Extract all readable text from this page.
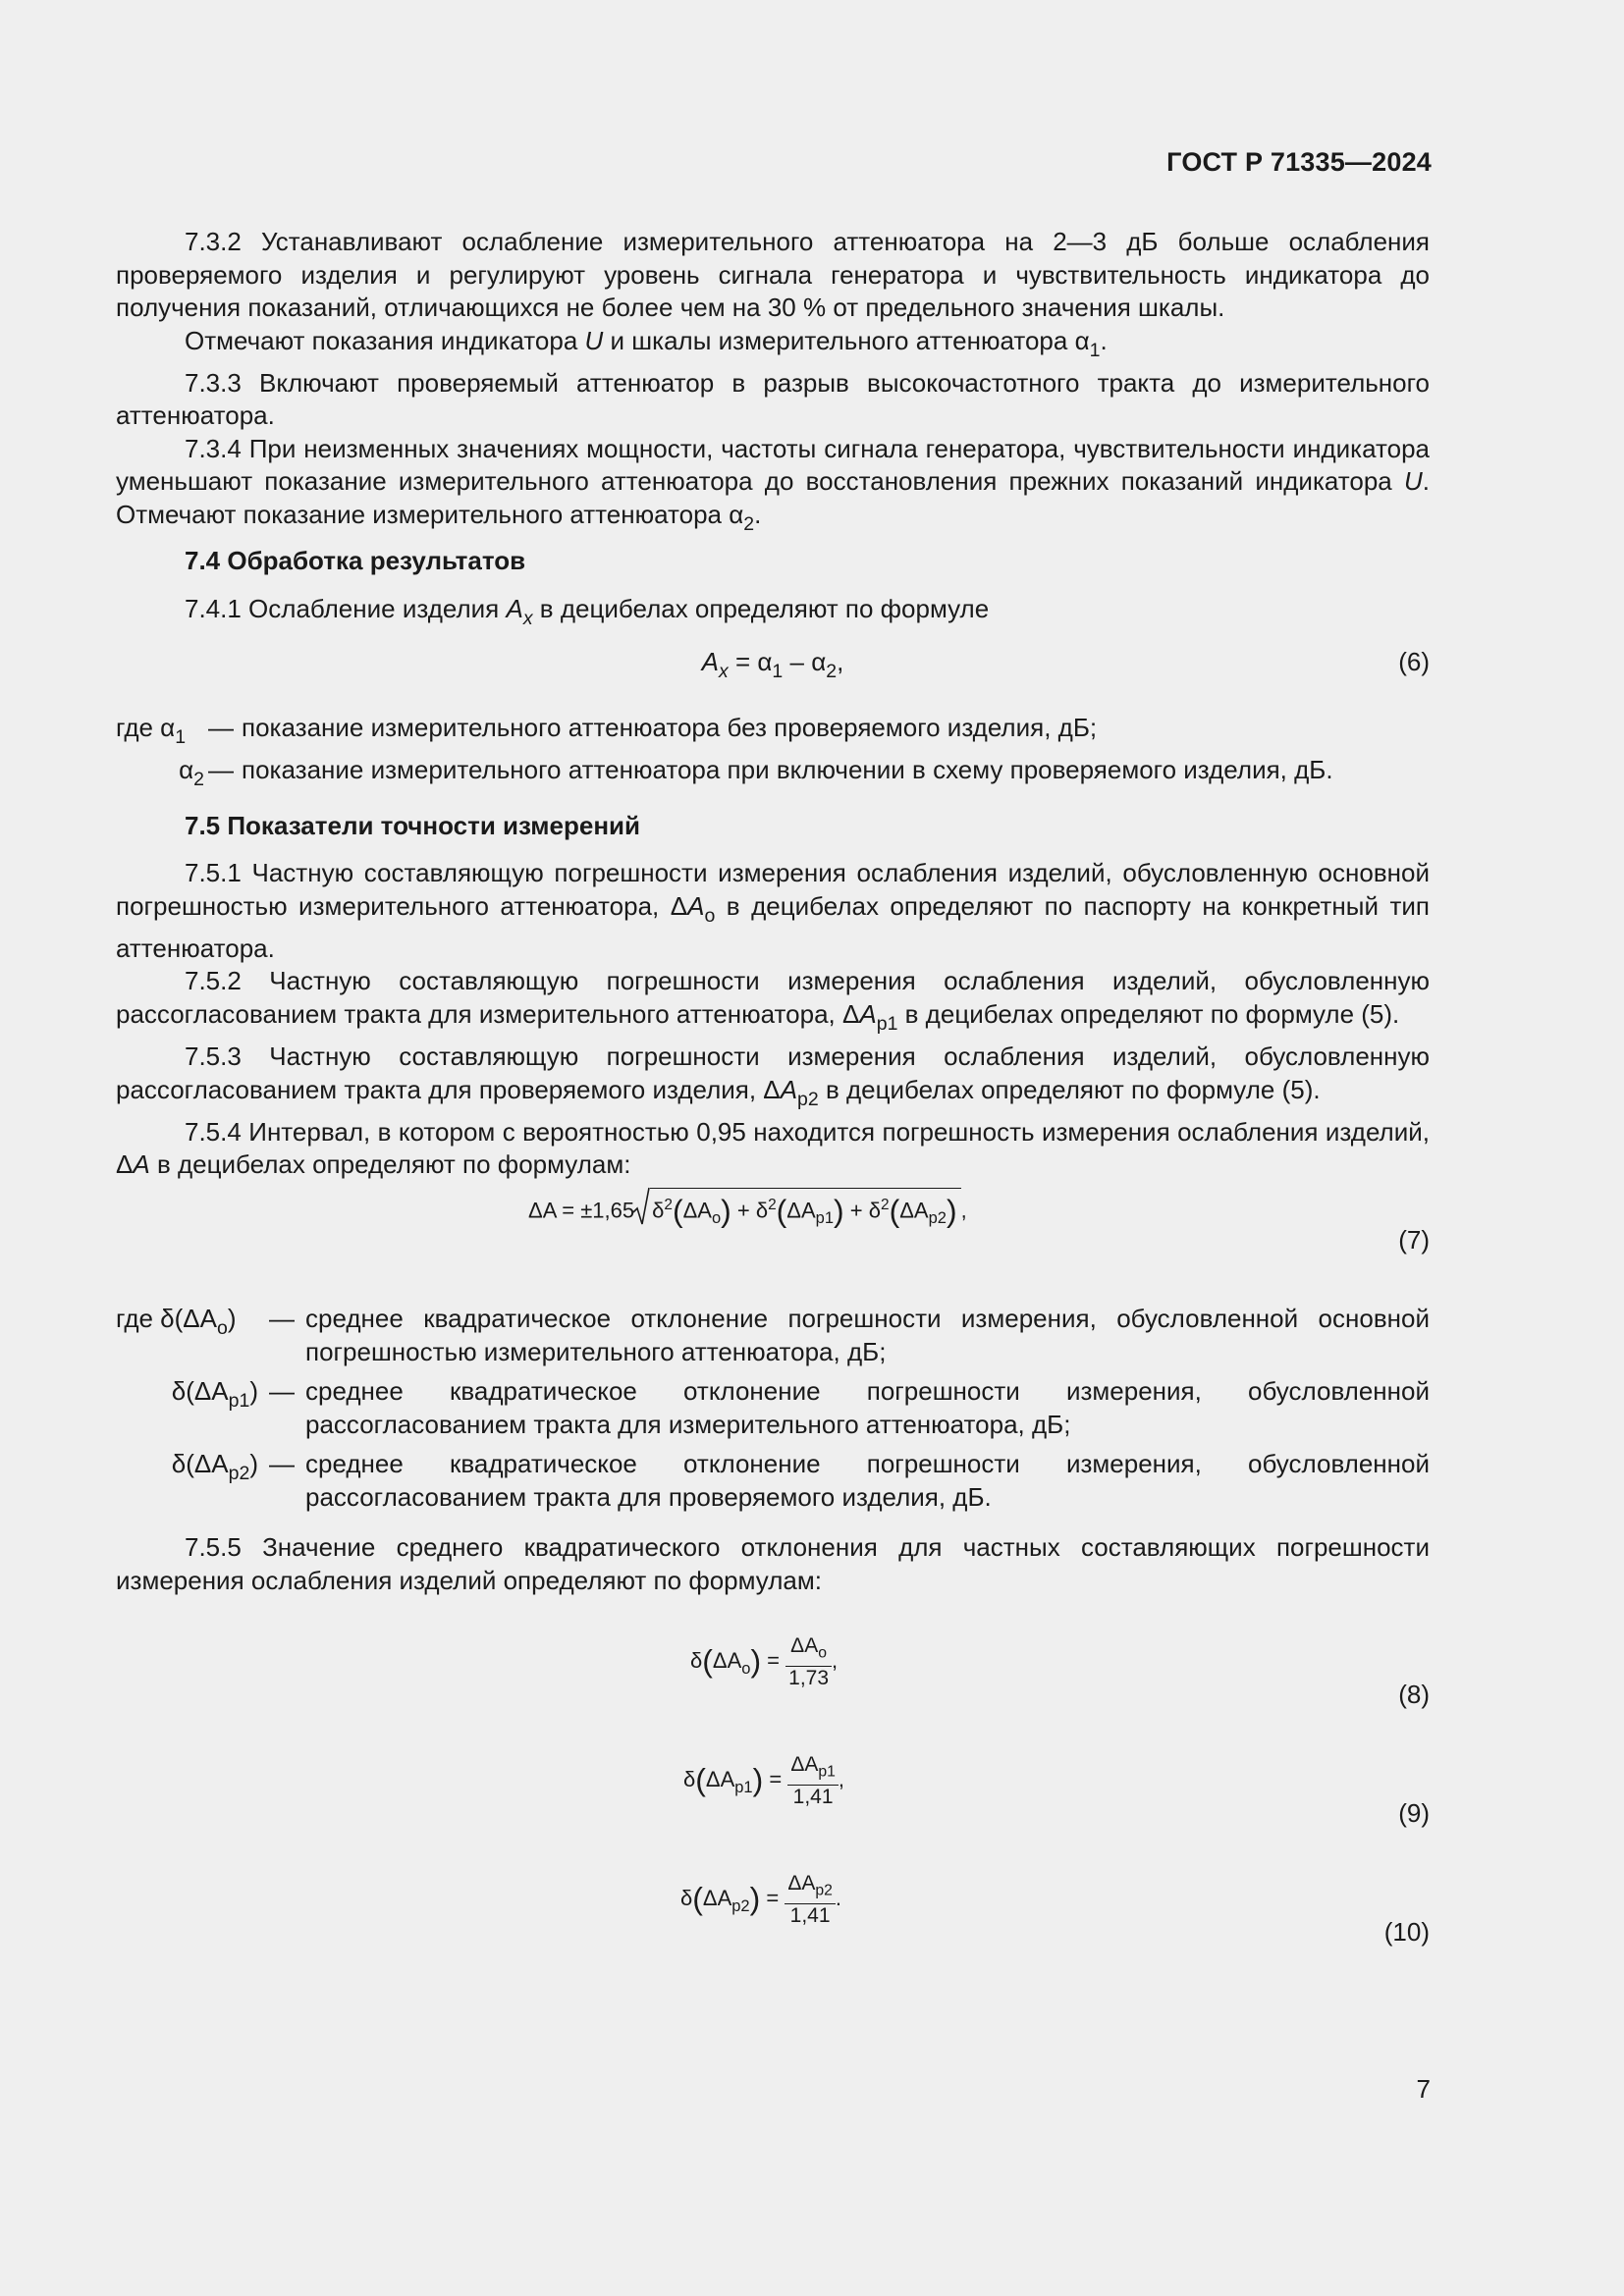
ГОСТ Р 71335—2024

7.3.2 Устанавливают ослабление измерительного аттенюатора на 2—3 дБ больше ослабления проверяемого изделия и регулируют уровень сигнала генератора и чувствительность индикатора до получения показаний, отличающихся не более чем на 30 % от предельного значения шкалы.

Отмечают показания индикатора U и шкалы измерительного аттенюатора $\alpha_1$.

7.3.3 Включают проверяемый аттенюатор в разрыв высокочастотного тракта до измерительного аттенюатора.

7.3.4 При неизменных значениях мощности, частоты сигнала генератора, чувствительности индикатора уменьшают показание измерительного аттенюатора до восстановления прежних показаний индикатора U. Отмечают показание измерительного аттенюатора $\alpha_2$.

7.4 Обработка результатов

7.4.1 Ослабление изделия $A_x$ в децибелах определяют по формуле

$A_x = \alpha_1 - \alpha_2$,	(6)
где $\alpha_1$ — показание измерительного аттенюатора без проверяемого изделия, дБ;
$\alpha_2$ — показание измерительного аттенюатора при включении в схему проверяемого изделия, дБ.

7.5 Показатели точности измерений

7.5.1 Частную составляющую погрешности измерения ослабления изделий, обусловленную основной погрешностью измерительного аттенюатора, $\Delta A_о$ в децибелах определяют по паспорту на конкретный тип аттенюатора.

7.5.2 Частную составляющую погрешности измерения ослабления изделий, обусловленную рассогласованием тракта для измерительного аттенюатора, $\Delta A_{р1}$ в децибелах определяют по формуле (5).

7.5.3 Частную составляющую погрешности измерения ослабления изделий, обусловленную рассогласованием тракта для проверяемого изделия, $\Delta A_{р2}$ в децибелах определяют по формуле (5).

7.5.4 Интервал, в котором с вероятностью 0,95 находится погрешность измерения ослабления изделий, ΔA в децибелах определяют по формулам:

ΔA = ±1,65 $\delta^2(\Delta A_о) + \delta^2(\Delta A_{р1}) + \delta^2(\Delta A_{р2})$ ,
(7)
где $\delta(\Delta A_о)$	— среднее квадратическое отклонение погрешности измерения, обусловленной основной погрешностью измерительного аттенюатора, дБ;
$\delta(\Delta A_{р1})$ — среднее квадратическое отклонение погрешности измерения, обусловленной рассогласованием тракта для измерительного аттенюатора, дБ;
$\delta(\Delta A_{р2})$ — среднее квадратическое отклонение погрешности измерения, обусловленной рассогласованием тракта для проверяемого изделия, дБ.

7.5.5 Значение среднего квадратического отклонения для частных составляющих погрешности измерения ослабления изделий определяют по формулам:

$\delta(\Delta A_о) = \frac{\Delta A_о}{1,73}$ ,
(8)
$\delta(\Delta A_{р1}) = \frac{\Delta A_{р1}}{1,41}$ ,
(9)
$\delta(\Delta A_{р2}) = \frac{\Delta A_{р2}}{1,41}$ .
(10)
7
